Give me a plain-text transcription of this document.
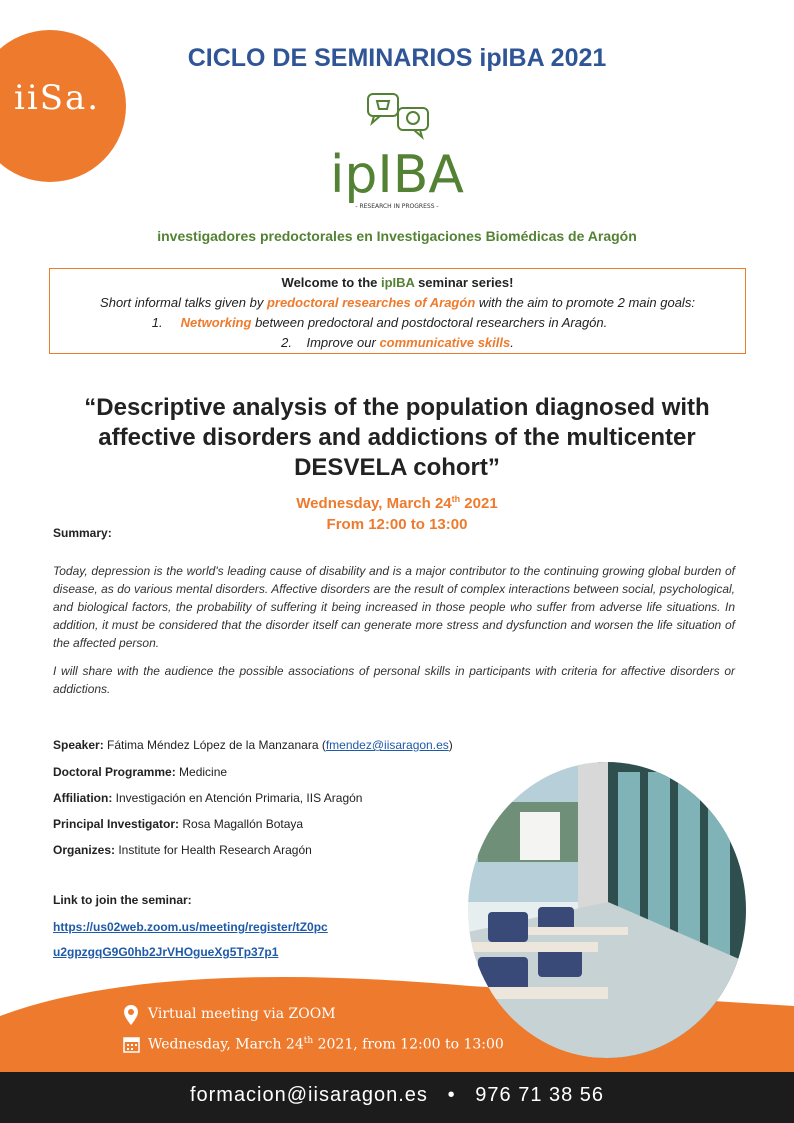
iiSa.
CICLO DE SEMINARIOS ipIBA 2021
ipIBA
- RESEARCH IN PROGRESS -
investigadores predoctorales en Investigaciones Biomédicas de Aragón
Welcome to the ipIBA seminar series!
Short informal talks given by predoctoral researches of Aragón with the aim to promote 2 main goals:
1. Networking between predoctoral and postdoctoral researchers in Aragón.
2. Improve our communicative skills.
“Descriptive analysis of the population diagnosed with affective disorders and addictions of the multicenter DESVELA cohort”
Wednesday, March 24th 2021
From 12:00 to 13:00
Summary:
Today, depression is the world's leading cause of disability and is a major contributor to the continuing growing global burden of disease, as do various mental disorders. Affective disorders are the result of complex interactions between social, psychological, and biological factors, the probability of suffering it being increased in those people who suffer from adverse life situations. In addition, it must be considered that the disorder itself can generate more stress and dysfunction and worsen the life situation of the affected person.
I will share with the audience the possible associations of personal skills in participants with criteria for affective disorders or addictions.
Speaker: Fátima Méndez López de la Manzanara (fmendez@iisaragon.es)
Doctoral Programme: Medicine
Affiliation: Investigación en Atención Primaria, IIS Aragón
Principal Investigator: Rosa Magallón Botaya
Organizes: Institute for Health Research Aragón
Link to join the seminar:
https://us02web.zoom.us/meeting/register/tZ0pc
u2gpzgqG9G0hb2JrVHOgueXg5Tp37p1
Virtual meeting via ZOOM
Wednesday, March 24th 2021, from 12:00 to 13:00
formacion@iisaragon.es • 976 71 38 56
